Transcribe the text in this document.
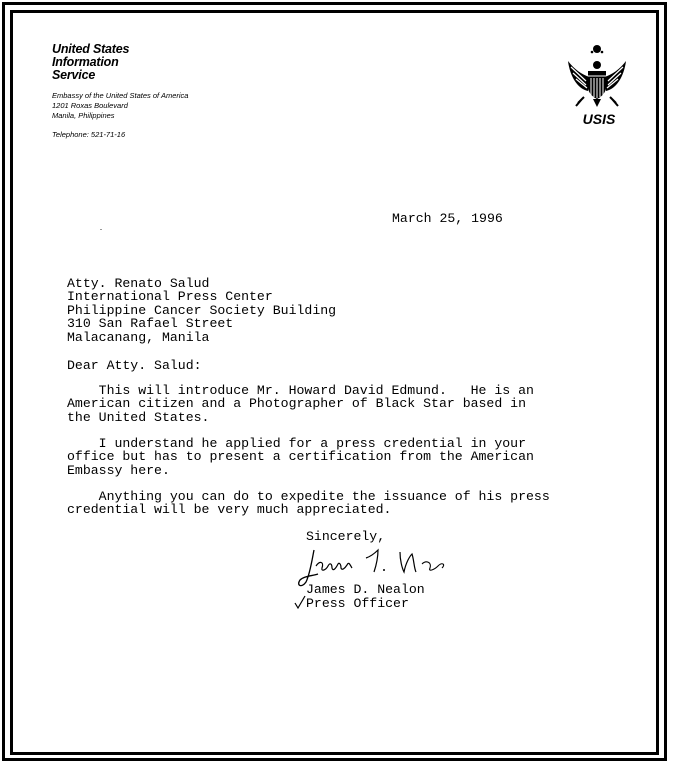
United States
Information
Service
Embassy of the United States of America
1201 Roxas Boulevard
Manila, Philippines
Telephone: 521-71-16
USIS
March 25, 1996
Atty. Renato Salud
International Press Center
Philippine Cancer Society Building
310 San Rafael Street
Malacanang, Manila
Dear Atty. Salud:
This will introduce Mr. Howard David Edmund.   He is an
American citizen and a Photographer of Black Star based in
the United States.
I understand he applied for a press credential in your
office but has to present a certification from the American
Embassy here.
Anything you can do to expedite the issuance of his press
credential will be very much appreciated.
Sincerely,
James D. Nealon
Press Officer
